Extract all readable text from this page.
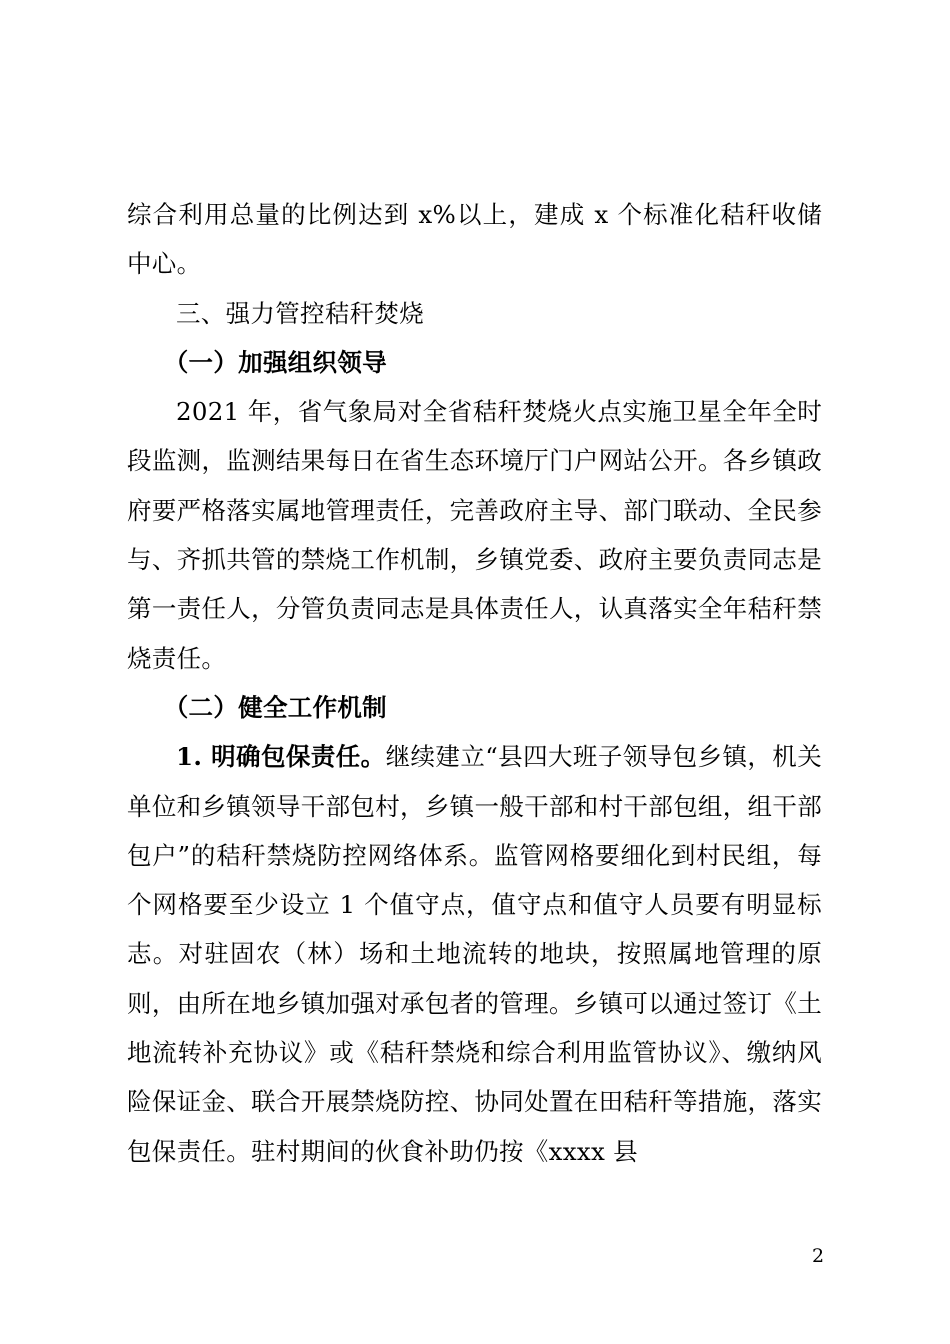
综合利用总量的比例达到 x%以上，建成 x 个标准化秸秆收储中心。

三、强力管控秸秆焚烧

（一）加强组织领导

2021 年，省气象局对全省秸秆焚烧火点实施卫星全年全时段监测，监测结果每日在省生态环境厅门户网站公开。各乡镇政府要严格落实属地管理责任，完善政府主导、部门联动、全民参与、齐抓共管的禁烧工作机制，乡镇党委、政府主要负责同志是第一责任人，分管负责同志是具体责任人，认真落实全年秸秆禁烧责任。

（二）健全工作机制

1. 明确包保责任。继续建立“县四大班子领导包乡镇，机关单位和乡镇领导干部包村，乡镇一般干部和村干部包组，组干部包户”的秸秆禁烧防控网络体系。监管网格要细化到村民组，每个网格要至少设立 1 个值守点，值守点和值守人员要有明显标志。对驻固农（林）场和土地流转的地块，按照属地管理的原则，由所在地乡镇加强对承包者的管理。乡镇可以通过签订《土地流转补充协议》或《秸秆禁烧和综合利用监管协议》、缴纳风险保证金、联合开展禁烧防控、协同处置在田秸秆等措施，落实包保责任。驻村期间的伙食补助仍按《xxxx 县

2
